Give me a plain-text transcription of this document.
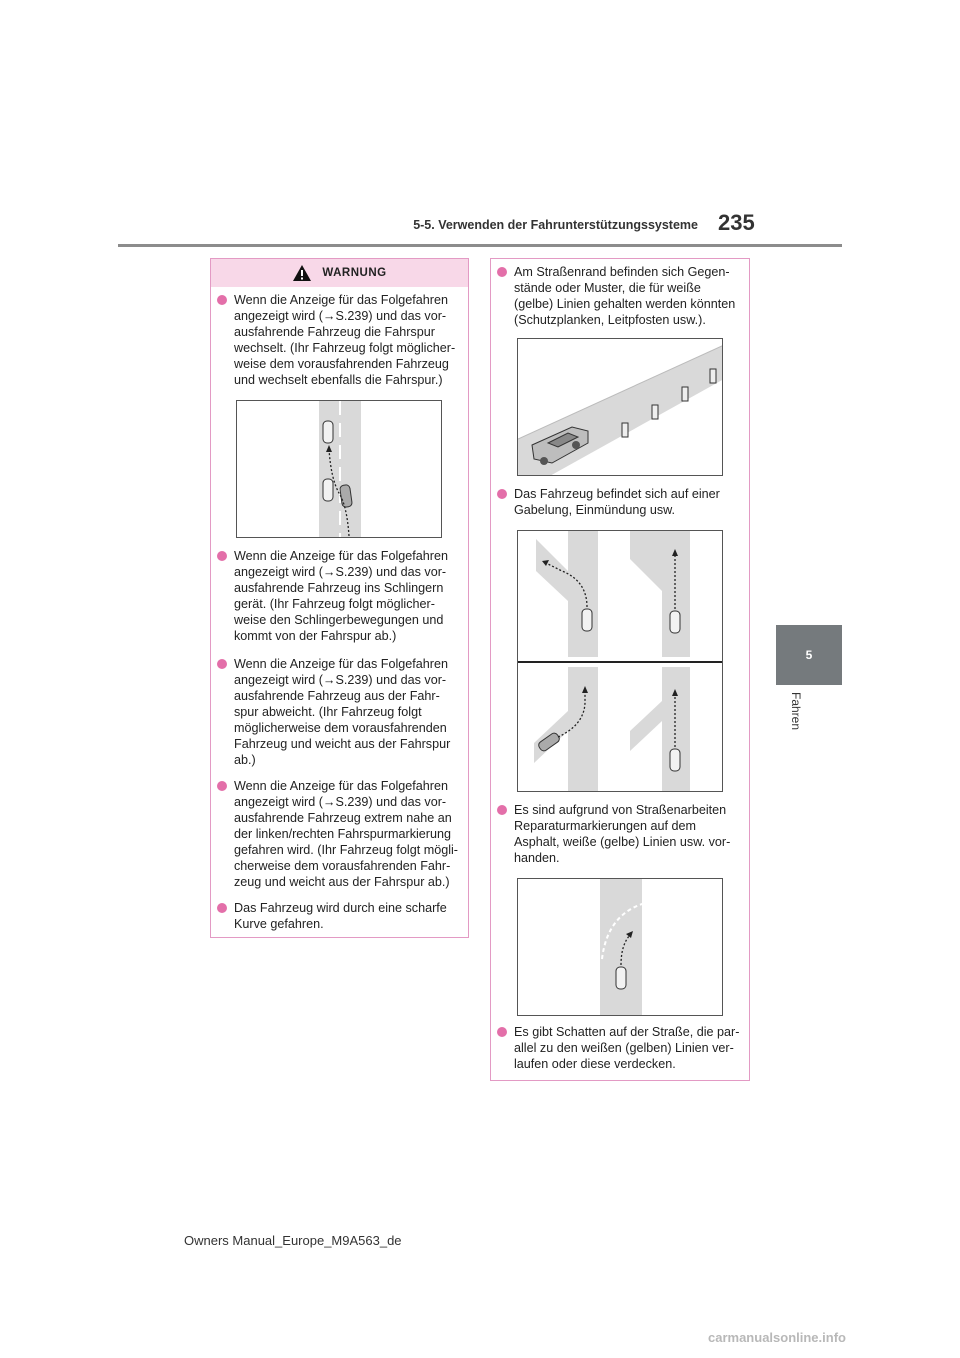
5-5. Verwenden der Fahrunterstützungssysteme 235
5
Fahren
WARNUNG
Wenn die Anzeige für das Folgefahren
angezeigt wird (→S.239) und das vor-
ausfahrende Fahrzeug die Fahrspur
wechselt. (Ihr Fahrzeug folgt möglicher-
weise dem vorausfahrenden Fahrzeug
und wechselt ebenfalls die Fahrspur.)
Wenn die Anzeige für das Folgefahren
angezeigt wird (→S.239) und das vor-
ausfahrende Fahrzeug ins Schlingern
gerät. (Ihr Fahrzeug folgt möglicher-
weise den Schlingerbewegungen und
kommt von der Fahrspur ab.)
Wenn die Anzeige für das Folgefahren
angezeigt wird (→S.239) und das vor-
ausfahrende Fahrzeug aus der Fahr-
spur abweicht. (Ihr Fahrzeug folgt
möglicherweise dem vorausfahrenden
Fahrzeug und weicht aus der Fahrspur
ab.)
Wenn die Anzeige für das Folgefahren
angezeigt wird (→S.239) und das vor-
ausfahrende Fahrzeug extrem nahe an
der linken/rechten Fahrspurmarkierung
gefahren wird. (Ihr Fahrzeug folgt mögli-
cherweise dem vorausfahrenden Fahr-
zeug und weicht aus der Fahrspur ab.)
Das Fahrzeug wird durch eine scharfe
Kurve gefahren.
Am Straßenrand befinden sich Gegen-
stände oder Muster, die für weiße
(gelbe) Linien gehalten werden könnten
(Schutzplanken, Leitpfosten usw.).
Das Fahrzeug befindet sich auf einer
Gabelung, Einmündung usw.
Es sind aufgrund von Straßenarbeiten
Reparaturmarkierungen auf dem
Asphalt, weiße (gelbe) Linien usw. vor-
handen.
Es gibt Schatten auf der Straße, die par-
allel zu den weißen (gelben) Linien ver-
laufen oder diese verdecken.
Owners Manual_Europe_M9A563_de
carmanualsonline.info
